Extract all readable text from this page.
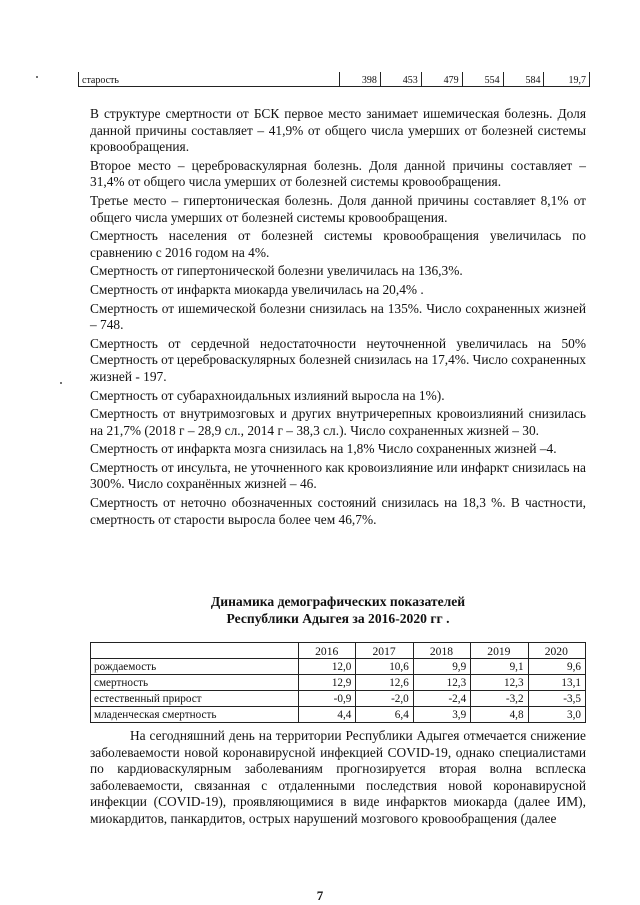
старость	398	453	479	554	584	19,7

В структуре смертности от БСК первое место занимает ишемическая болезнь. Доля данной причины составляет – 41,9% от общего числа умерших от болезней системы кровообращения.

Второе место – цереброваскулярная болезнь. Доля данной причины составляет – 31,4% от общего числа умерших от болезней системы кровообращения.

Третье место – гипертоническая болезнь. Доля данной причины составляет 8,1% от общего числа умерших от болезней системы кровообращения.

Смертность населения от болезней системы кровообращения увеличилась по сравнению с 2016 годом на 4%.

Смертность от гипертонической болезни увеличилась на 136,3%.

Смертность от инфаркта миокарда увеличилась на 20,4% .

Смертность от ишемической болезни снизилась на 135%. Число сохраненных жизней – 748.

Смертность от сердечной недостаточности неуточненной увеличилась на 50% Смертность от цереброваскулярных болезней снизилась на 17,4%. Число сохраненных жизней - 197.

Смертность от субарахноидальных излияний выросла на 1%).

Смертность от внутримозговых и других внутричерепных кровоизлияний снизилась на 21,7% (2018 г – 28,9 сл., 2014 г – 38,3 сл.). Число сохраненных жизней – 30.

Смертность от инфаркта мозга снизилась на 1,8% Число сохраненных жизней –4.

Смертность от инсульта, не уточненного как кровоизлияние или инфаркт снизилась на 300%. Число сохранённых жизней – 46.

Смертность от неточно обозначенных состояний снизилась на 18,3 %. В частности, смертность от старости выросла более чем 46,7%.

Динамика демографических показателей
Республики Адыгея за 2016-2020 гг .
	2016	2017	2018	2019	2020
рождаемость	12,0	10,6	9,9	9,1	9,6
смертность	12,9	12,6	12,3	12,3	13,1
естественный прирост	-0,9	-2,0	-2,4	-3,2	-3,5
младенческая смертность	4,4	6,4	3,9	4,8	3,0

На сегодняшний день на территории Республики Адыгея отмечается снижение заболеваемости новой коронавирусной инфекцией COVID-19, однако специалистами по кардиоваскулярным заболеваниям прогнозируется вторая волна всплеска заболеваемости, связанная с отдаленными последствия новой коронавирусной инфекции (COVID-19), проявляющимися в виде инфарктов миокарда (далее ИМ), миокардитов, панкардитов, острых нарушений мозгового кровообращения (далее

7
